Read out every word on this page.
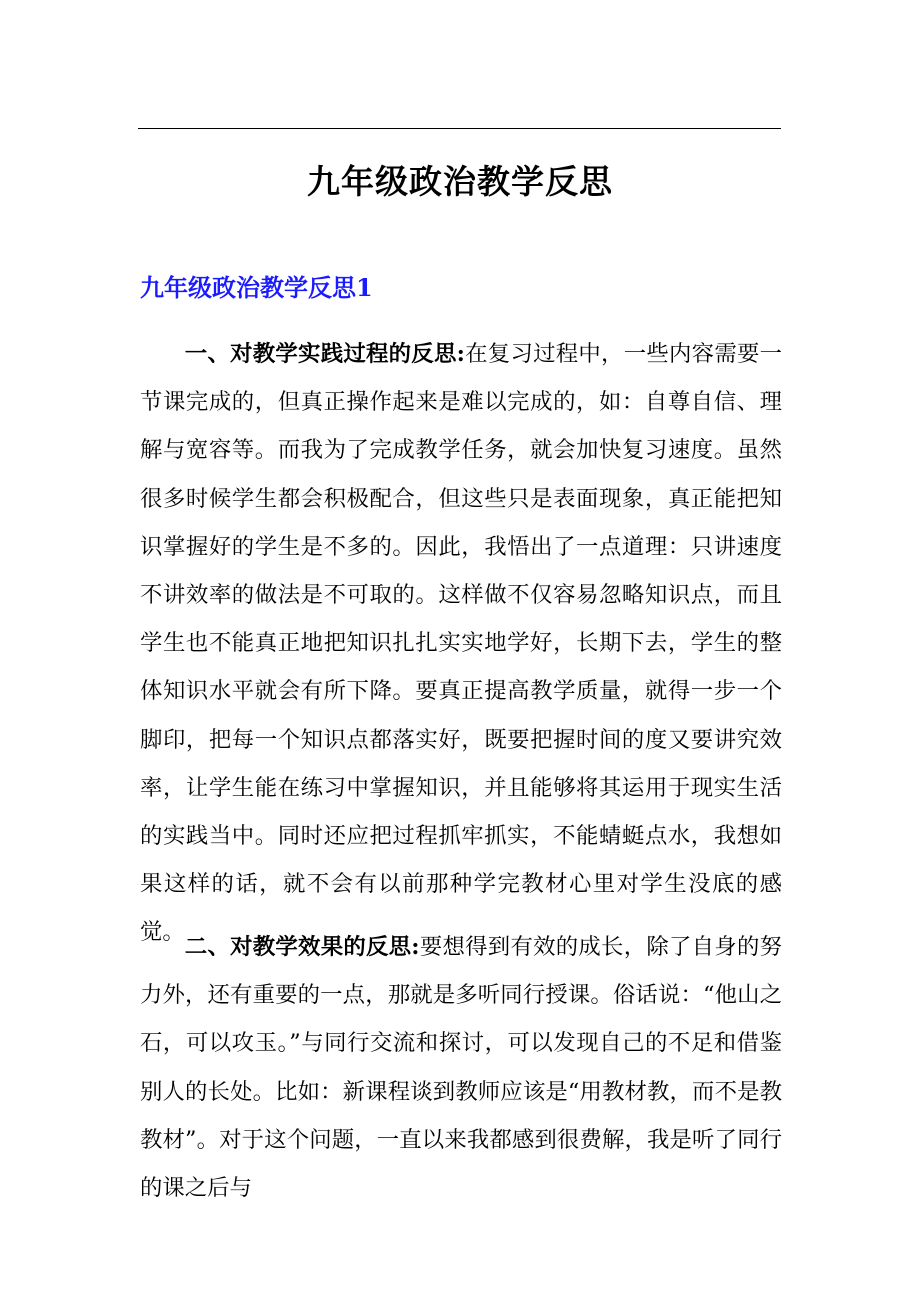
九年级政治教学反思
九年级政治教学反思1

一、对教学实践过程的反思:在复习过程中，一些内容需要一节课完成的，但真正操作起来是难以完成的，如：自尊自信、理解与宽容等。而我为了完成教学任务，就会加快复习速度。虽然很多时候学生都会积极配合，但这些只是表面现象，真正能把知识掌握好的学生是不多的。因此，我悟出了一点道理：只讲速度不讲效率的做法是不可取的。这样做不仅容易忽略知识点，而且学生也不能真正地把知识扎扎实实地学好，长期下去，学生的整体知识水平就会有所下降。要真正提高教学质量，就得一步一个脚印，把每一个知识点都落实好，既要把握时间的度又要讲究效率，让学生能在练习中掌握知识，并且能够将其运用于现实生活的实践当中。同时还应把过程抓牢抓实，不能蜻蜓点水，我想如果这样的话，就不会有以前那种学完教材心里对学生没底的感觉。

二、对教学效果的反思:要想得到有效的成长，除了自身的努力外，还有重要的一点，那就是多听同行授课。俗话说：“他山之石，可以攻玉。”与同行交流和探讨，可以发现自己的不足和借鉴别人的长处。比如：新课程谈到教师应该是“用教材教，而不是教教材”。对于这个问题，一直以来我都感到很费解，我是听了同行的课之后与
